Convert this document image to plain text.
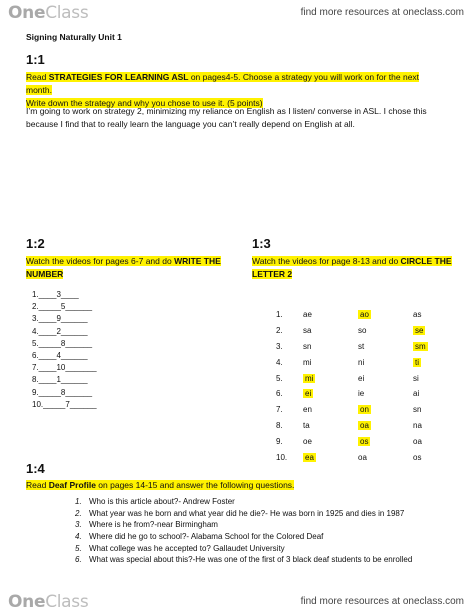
OneClass	find more resources at oneclass.com
Signing Naturally Unit 1
1:1
Read STRATEGIES FOR LEARNING ASL on pages4-5. Choose a strategy you will work on for the next month.
Write down the strategy and why you chose to use it. (5 points)
I’m going to work on strategy 2, minimizing my reliance on English as I listen/ converse in ASL. I chose this because I find that to really learn the language you can’t really depend on English at all.
1:2
Watch the videos for pages 6-7 and do WRITE THE
NUMBER
1.____3____
2._____5______
3.____9______
4.____2______
5._____8______
6.____4______
7.____10_______
8.____1______
9._____8______
10._____7______
1:3
Watch the videos for page 8-13 and do CIRCLE THE
LETTER 2
1.	ae	ao	as
2.	sa	so	se
3.	sn	st	sm
4.	mi	ni	ti
5.	mi	ei	si
6.	ei	ie	ai
7.	en	on	sn
8.	ta	oa	na
9.	oe	os	oa
10.	ea	oa	os
1:4
Read Deaf Profile on pages 14-15 and answer the following questions.
1. Who is this article about?- Andrew Foster
2. What year was he born and what year did he die?- He was born in 1925 and dies in 1987
3. Where is he from?-near Birmingham
4. Where did he go to school?- Alabama School for the Colored Deaf
5. What college was he accepted to? Gallaudet University
6. What was special about this?-He was one of the first of 3 black deaf students to be enrolled
OneClass	find more resources at oneclass.com
